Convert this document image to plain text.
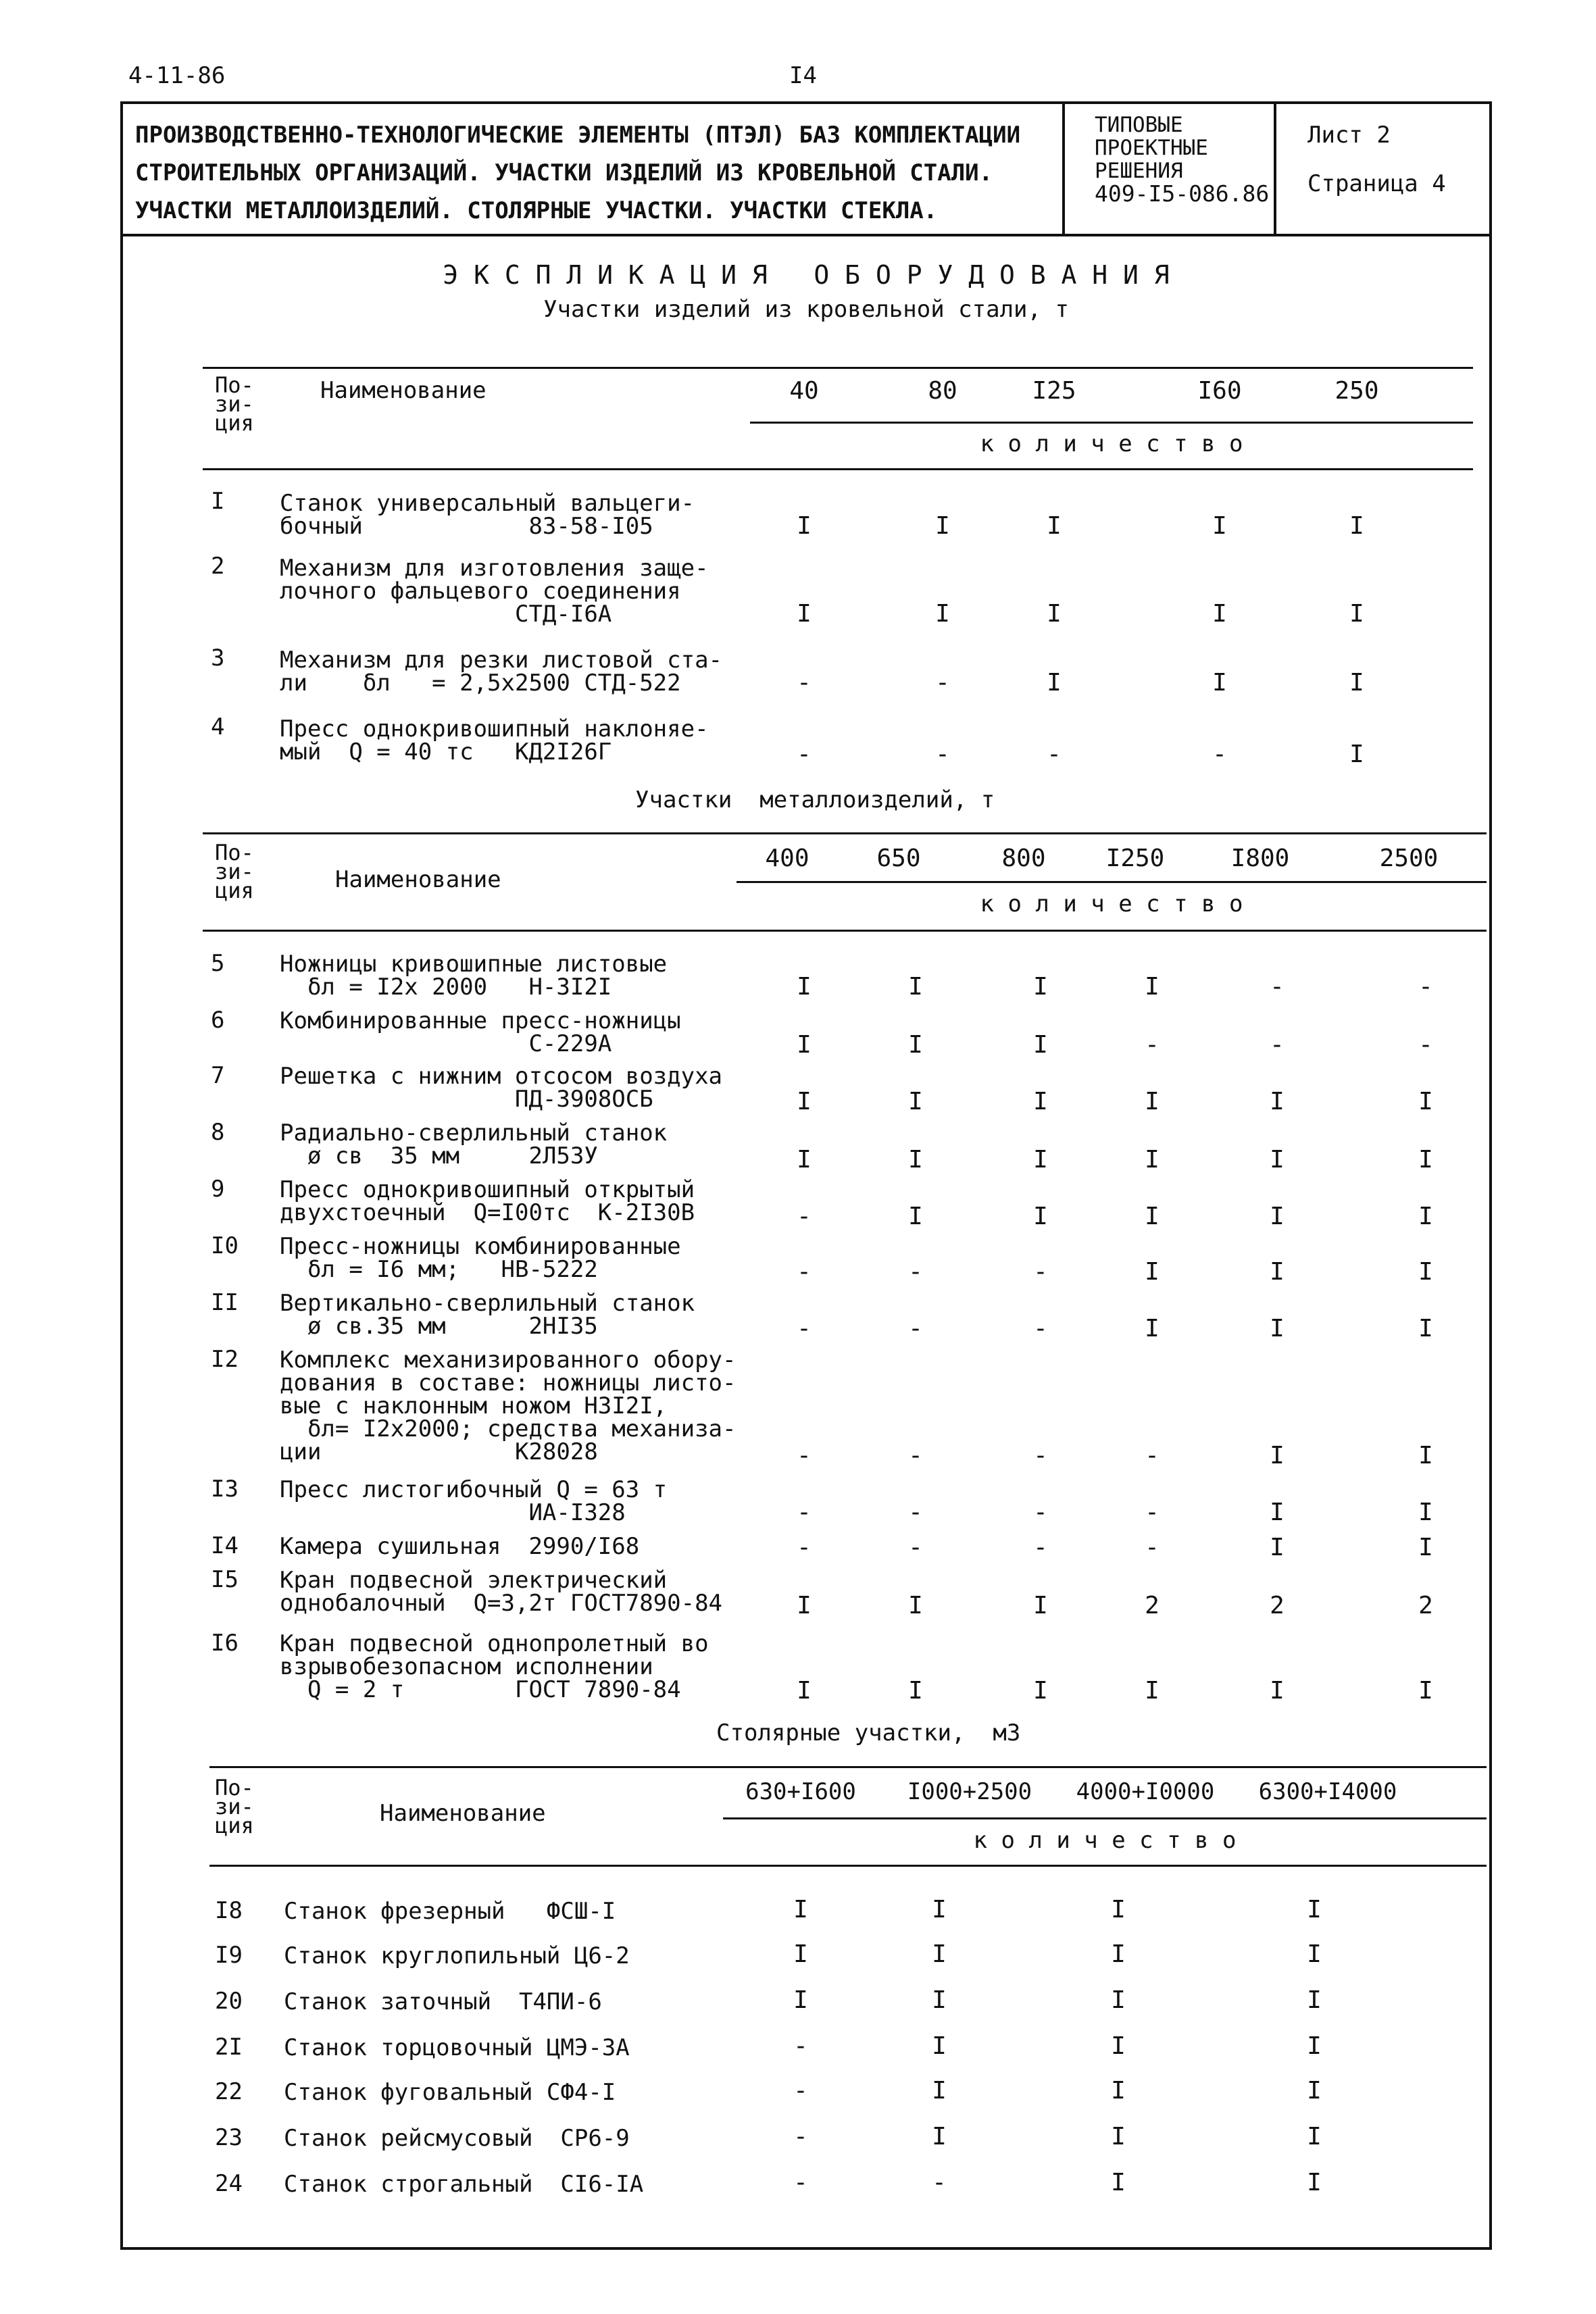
4-11-86	I4
ПРОИЗВОДСТВЕННО-ТЕХНОЛОГИЧЕСКИЕ ЭЛЕМЕНТЫ (ПТЭЛ) БАЗ КОМПЛЕКТАЦИИ
СТРОИТЕЛЬНЫХ ОРГАНИЗАЦИЙ. УЧАСТКИ ИЗДЕЛИЙ ИЗ КРОВЕЛЬНОЙ СТАЛИ.
УЧАСТКИ МЕТАЛЛОИЗДЕЛИЙ. СТОЛЯРНЫЕ УЧАСТКИ. УЧАСТКИ СТЕКЛА.
ТИПОВЫЕ
ПРОЕКТНЫЕ
РЕШЕНИЯ
409-I5-086.86
Лист 2
Страница 4
Э К С П Л И К А Ц И Я   О Б О Р У Д О В А Н И Я
Участки изделий из кровельной стали, т
По-
зи-
ция
Наименование	40	80	I25	I60	250
к о л и ч е с т в о
I Станок универсальный вальцеги-
бочный            83-58-I05	I	I	I	I	I
2 Механизм для изготовления заще-
лочного фальцевого соединения
СТД-I6А	I	I	I	I	I
3 Механизм для резки листовой ста-
ли    δл   = 2,5х2500 СТД-522	-	-	I	I	I
4 Пресс однокривошипный наклоняе-
мый  Q = 40 тс   КД2I26Г	-	-	-	-	I
Участки  металлоизделий, т
По-
зи-
ция	Наименование
400	650	800	I250	I800	2500
к о л и ч е с т в о
5 Ножницы кривошипные листовые
δл = I2х 2000   Н-3I2I	I	I	I	I	-	-
6 Комбинированные пресс-ножницы
С-229А	I	I	I	-	-	-
7 Решетка с нижним отсосом воздуха
ПД-3908ОСБ	I	I	I	I	I	I
8 Радиально-сверлильный станок
ø св  35 мм     2Л53У	I	I	I	I	I	I
9 Пресс однокривошипный открытый
двухстоечный  Q=I00тс  К-2I30В	-	I	I	I	I	I
I0 Пресс-ножницы комбинированные
δл = I6 мм;   НВ-5222	-	-	-	I	I	I
II Вертикально-сверлильный станок
ø св.35 мм      2НI35	-	-	-	I	I	I
I2 Комплекс механизированного обору-
дования в составе: ножницы листо-
вые с наклонным ножом Н3I2I,
δл= I2х2000; средства механиза-
ции              К28028	-	-	-	-	I	I
I3 Пресс листогибочный Q = 63 т
ИА-I328	-	-	-	-	I	I
I4 Камера сушильная  2990/I68	-	-	-	-	I	I
I5 Кран подвесной электрический
однобалочный  Q=3,2т ГОСТ7890-84	I	I	I	2	2	2
I6 Кран подвесной однопролетный во
взрывобезопасном исполнении
Q = 2 т        ГОСТ 7890-84	I	I	I	I	I	I
Столярные участки,  м3
По-
зи-
ция	Наименование
630+I600	I000+2500	4000+I0000	6300+I4000
к о л и ч е с т в о
I8 Станок фрезерный   ФСШ-I	I	I	I	I
I9 Станок круглопильный Ц6-2	I	I	I	I
20 Станок заточный  Т4ПИ-6	I	I	I	I
2I Станок торцовочный ЦМЭ-3А	-	I	I	I
22 Станок фуговальный СФ4-I	-	I	I	I
23 Станок рейсмусовый  СР6-9	-	I	I	I
24 Станок строгальный  СI6-IА	-	-	I	I
